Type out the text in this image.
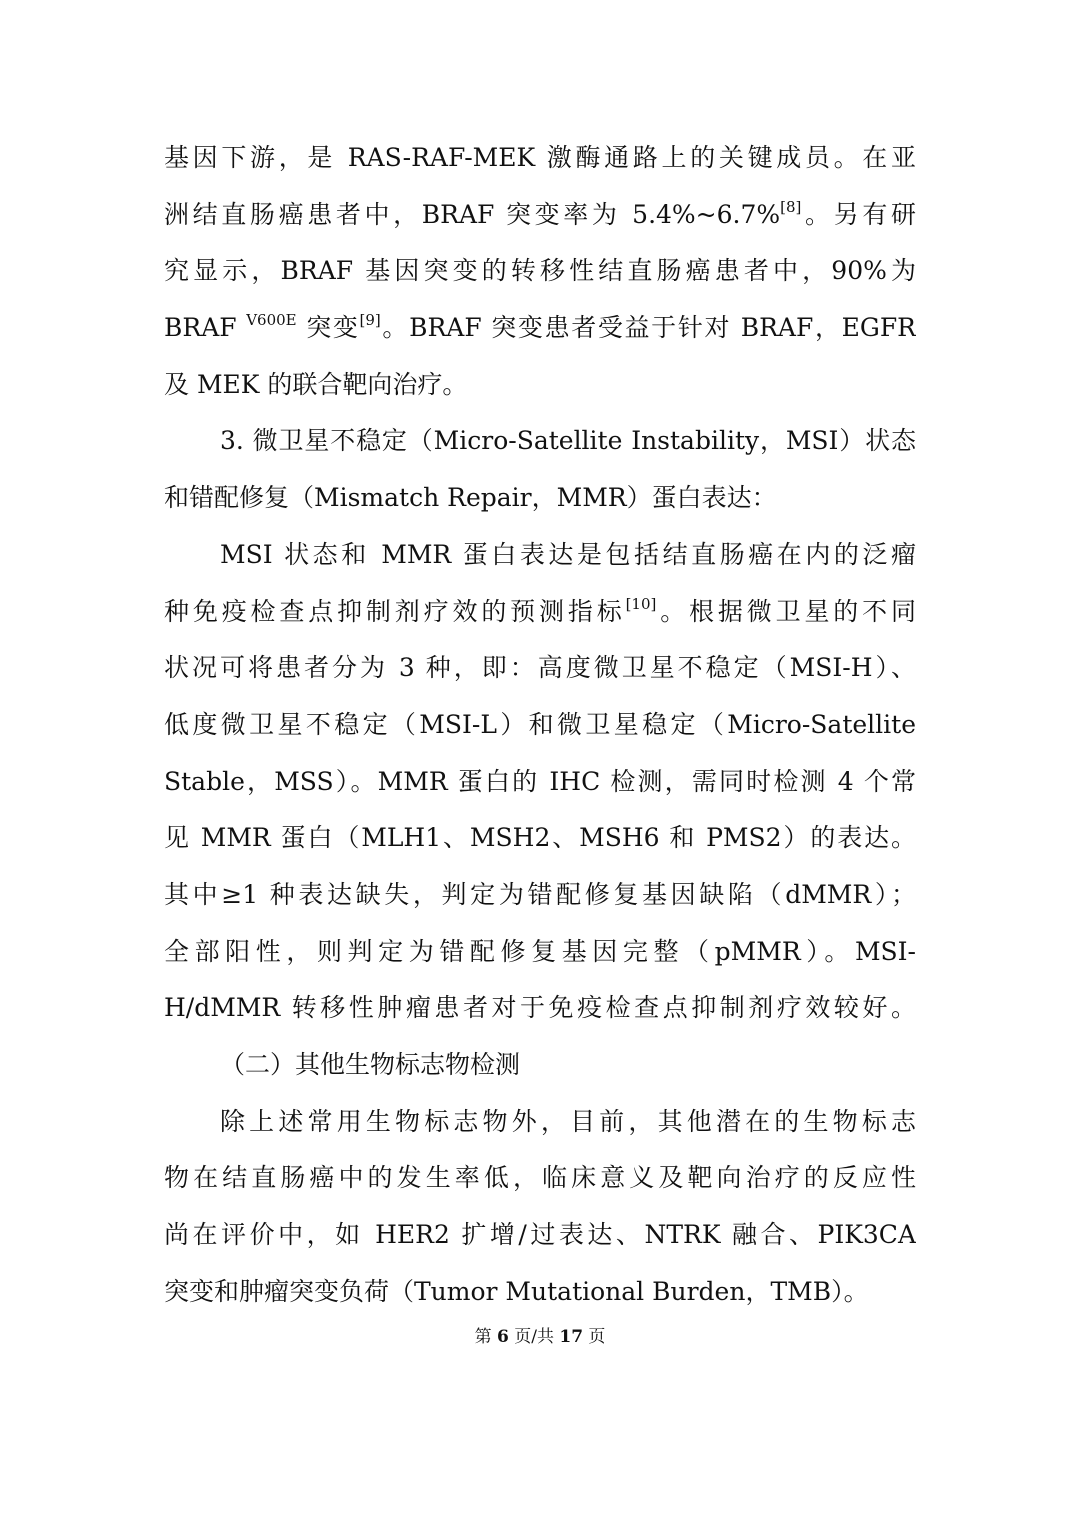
基因下游，是 RAS-RAF-MEK 激酶通路上的关键成员。在亚
洲结直肠癌患者中，BRAF 突变率为 5.4%~6.7%[8]。另有研
究显示，BRAF 基因突变的转移性结直肠癌患者中，90%为
BRAF $^{V600E}$ 突变[9]。BRAF 突变患者受益于针对 BRAF，EGFR
及 MEK 的联合靶向治疗。
3. 微卫星不稳定（Micro-Satellite Instability，MSI）状态
和错配修复（Mismatch Repair，MMR）蛋白表达：
MSI 状态和 MMR 蛋白表达是包括结直肠癌在内的泛瘤
种免疫检查点抑制剂疗效的预测指标[10]。根据微卫星的不同
状况可将患者分为 3 种，即：高度微卫星不稳定（MSI-H）、
低度微卫星不稳定（MSI-L）和微卫星稳定（Micro-Satellite
Stable，MSS）。MMR 蛋白的 IHC 检测，需同时检测 4 个常
见 MMR 蛋白（MLH1、MSH2、MSH6 和 PMS2）的表达。
其中≥1 种表达缺失，判定为错配修复基因缺陷（dMMR）；
全部阳性，则判定为错配修复基因完整（pMMR）。MSI-
H/dMMR 转移性肿瘤患者对于免疫检查点抑制剂疗效较好。
（二）其他生物标志物检测
除上述常用生物标志物外，目前，其他潜在的生物标志
物在结直肠癌中的发生率低，临床意义及靶向治疗的反应性
尚在评价中，如 HER2 扩增/过表达、NTRK 融合、PIK3CA
突变和肿瘤突变负荷（Tumor Mutational Burden，TMB）。
第 6 页/共 17 页
